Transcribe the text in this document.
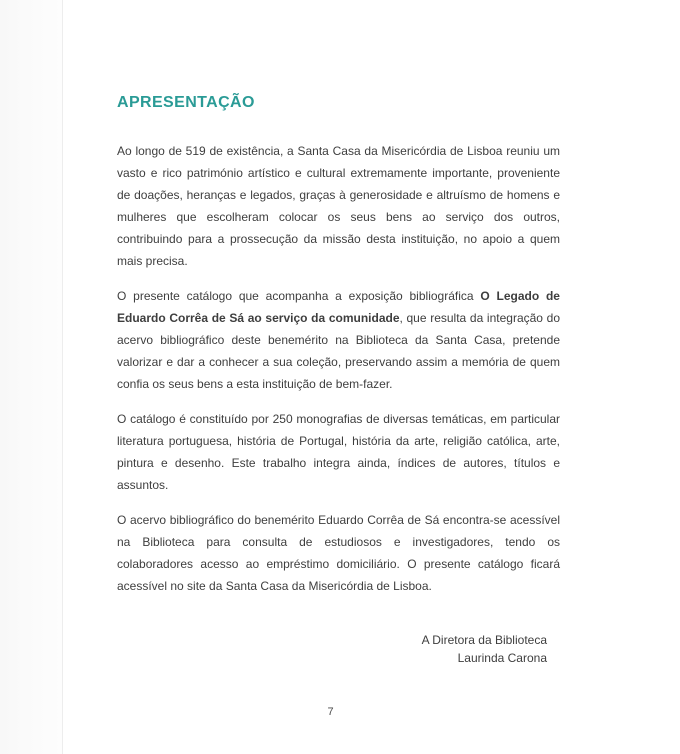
APRESENTAÇÃO

Ao longo de 519 de existência, a Santa Casa da Misericórdia de Lisboa reuniu um vasto e rico património artístico e cultural extremamente importante, proveniente de doações, heranças e legados, graças à generosidade e altruísmo de homens e mulheres que escolheram colocar os seus bens ao serviço dos outros, contribuindo para a prossecução da missão desta instituição, no apoio a quem mais precisa.

O presente catálogo que acompanha a exposição bibliográfica O Legado de Eduardo Corrêa de Sá ao serviço da comunidade, que resulta da integração do acervo bibliográfico deste benemérito na Biblioteca da Santa Casa, pretende valorizar e dar a conhecer a sua coleção, preservando assim a memória de quem confia os seus bens a esta instituição de bem-fazer.

O catálogo é constituído por 250 monografias de diversas temáticas, em particular literatura portuguesa, história de Portugal, história da arte, religião católica, arte, pintura e desenho. Este trabalho integra ainda, índices de autores, títulos e assuntos.

O acervo bibliográfico do benemérito Eduardo Corrêa de Sá encontra-se acessível na Biblioteca para consulta de estudiosos e investigadores, tendo os colaboradores acesso ao empréstimo domiciliário. O presente catálogo ficará acessível no site da Santa Casa da Misericórdia de Lisboa.

A Diretora da Biblioteca
Laurinda Carona
7
